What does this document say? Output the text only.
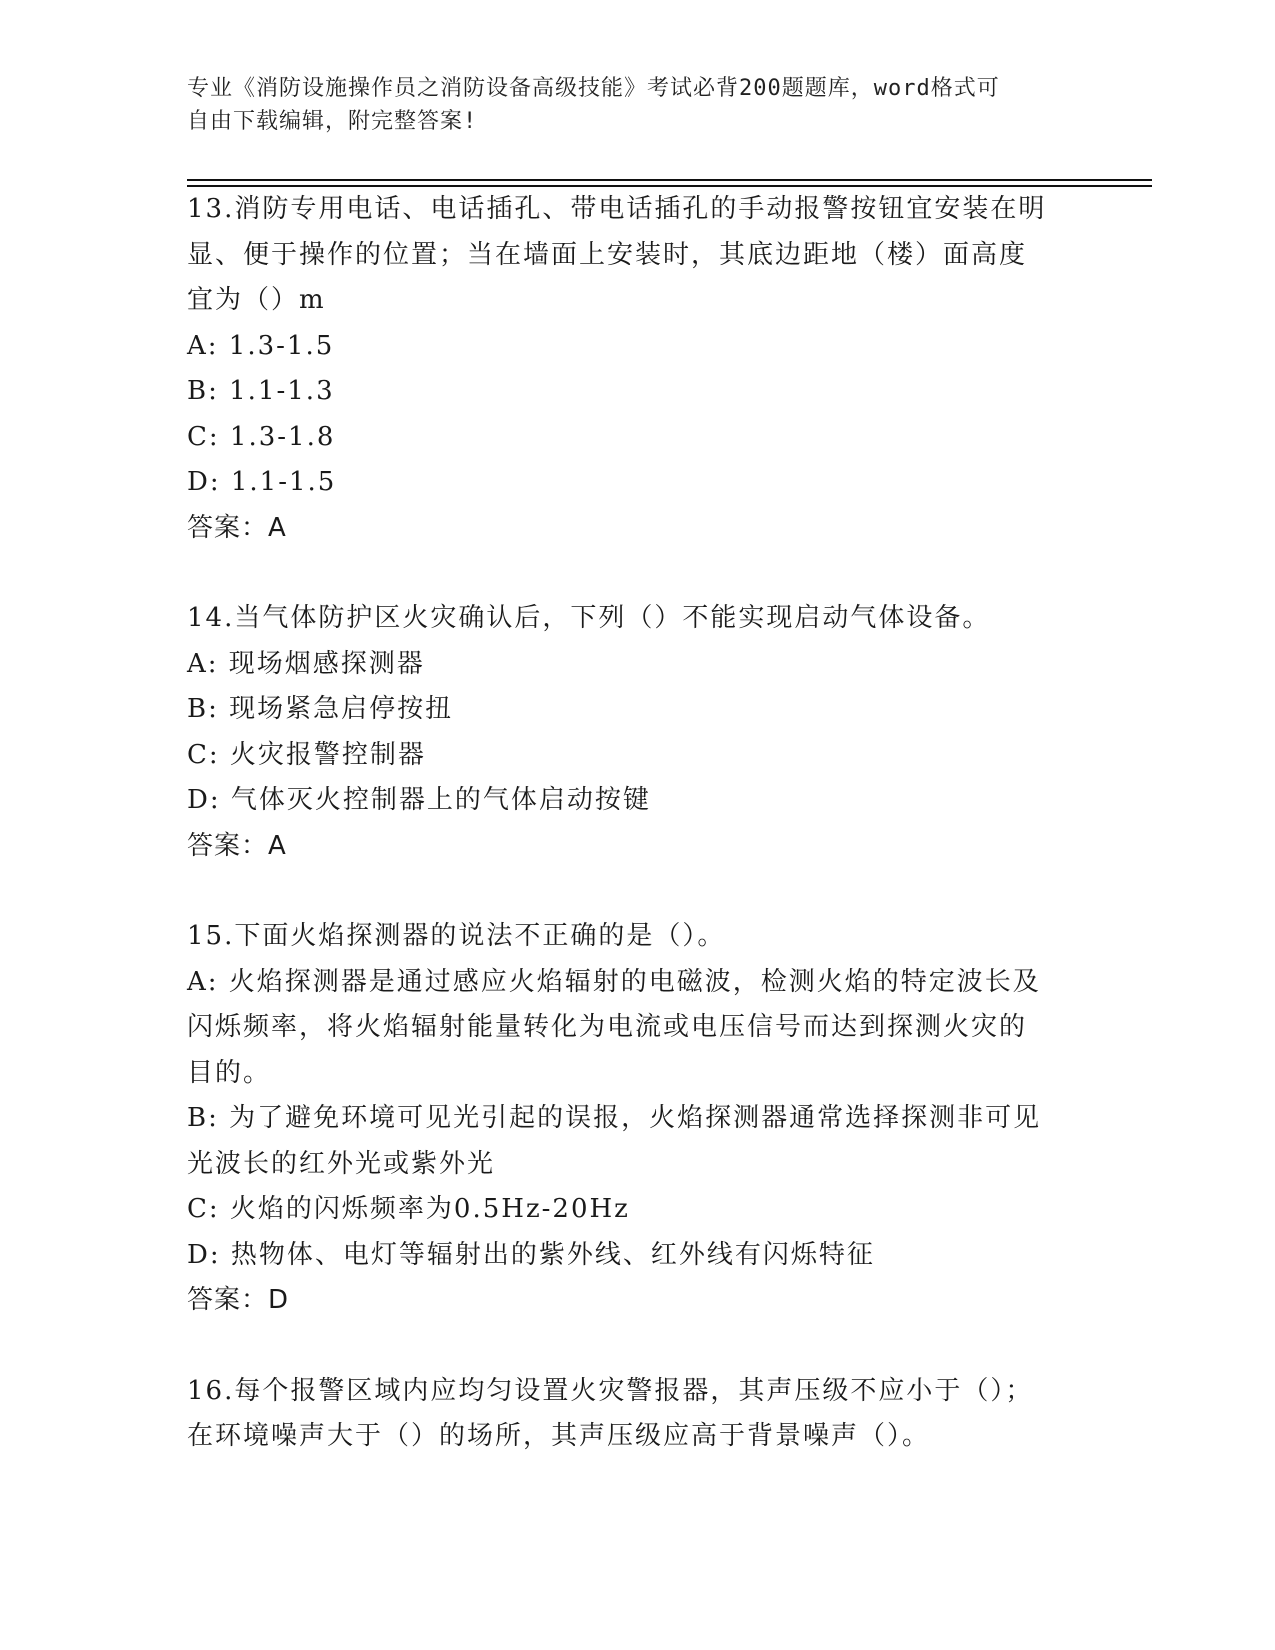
专业《消防设施操作员之消防设备高级技能》考试必背200题题库，word格式可
自由下载编辑，附完整答案!
13.消防专用电话、电话插孔、带电话插孔的手动报警按钮宜安装在明
显、便于操作的位置；当在墙面上安装时，其底边距地（楼）面高度
宜为（）m
A: 1.3-1.5
B: 1.1-1.3
C: 1.3-1.8
D: 1.1-1.5
答案：A
14.当气体防护区火灾确认后，下列（）不能实现启动气体设备。
A: 现场烟感探测器
B: 现场紧急启停按扭
C: 火灾报警控制器
D: 气体灭火控制器上的气体启动按键
答案：A
15.下面火焰探测器的说法不正确的是（）。
A: 火焰探测器是通过感应火焰辐射的电磁波，检测火焰的特定波长及
闪烁频率，将火焰辐射能量转化为电流或电压信号而达到探测火灾的
目的。
B: 为了避免环境可见光引起的误报，火焰探测器通常选择探测非可见
光波长的红外光或紫外光
C: 火焰的闪烁频率为0.5Hz-20Hz
D: 热物体、电灯等辐射出的紫外线、红外线有闪烁特征
答案：D
16.每个报警区域内应均匀设置火灾警报器，其声压级不应小于（）；
在环境噪声大于（）的场所，其声压级应高于背景噪声（）。
